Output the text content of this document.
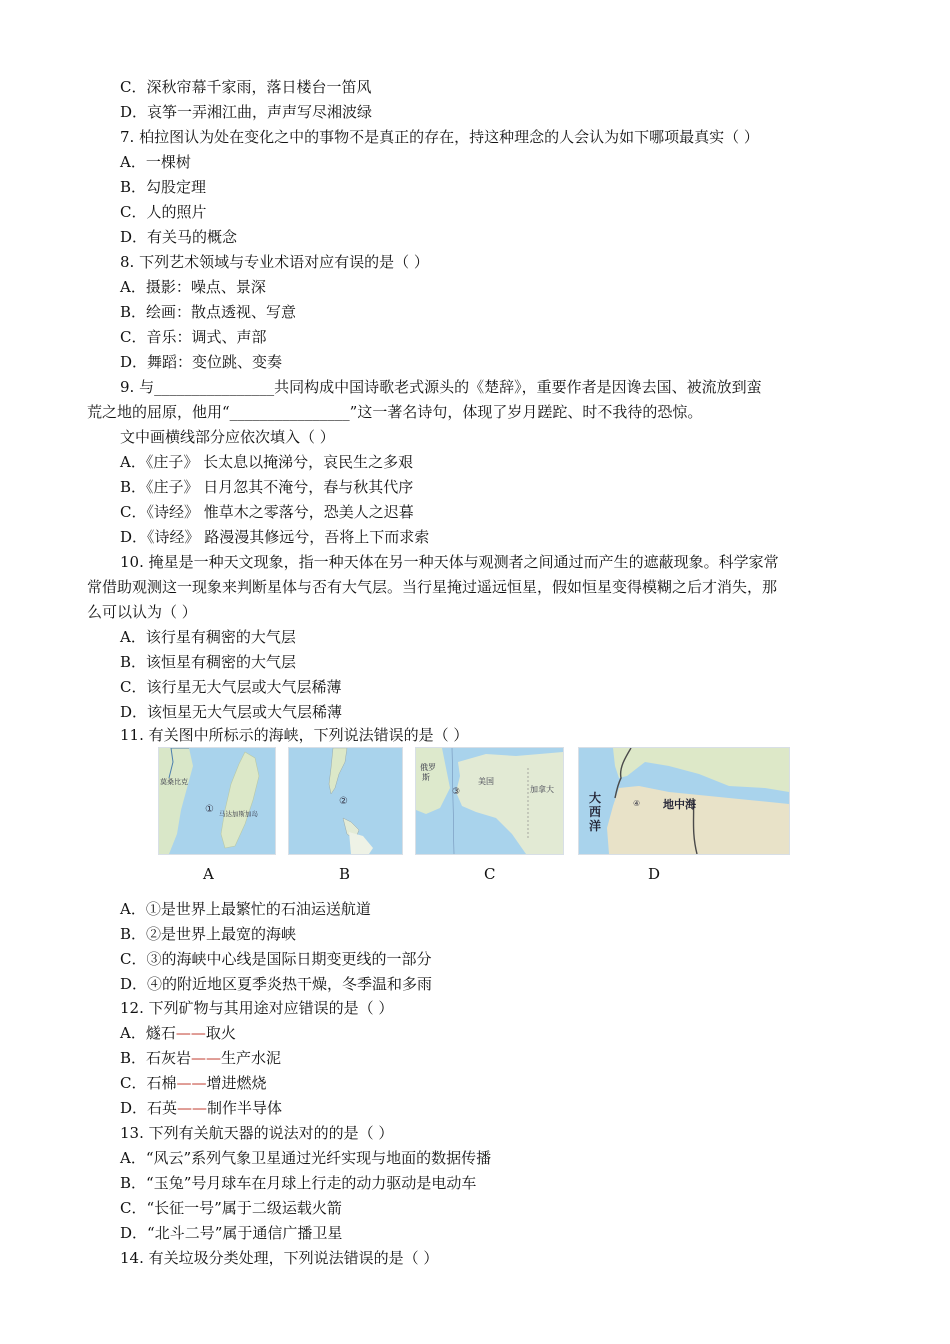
C．深秋帘幕千家雨，落日楼台一笛风
D．哀筝一弄湘江曲，声声写尽湘波绿
7. 柏拉图认为处在变化之中的事物不是真正的存在，持这种理念的人会认为如下哪项最真实（ ）
A．一棵树
B．勾股定理
C．人的照片
D．有关马的概念
8. 下列艺术领域与专业术语对应有误的是（ ）
A．摄影：噪点、景深
B．绘画：散点透视、写意
C．音乐：调式、声部
D．舞蹈：变位跳、变奏
9. 与________________共同构成中国诗歌老式源头的《楚辞》，重要作者是因谗去国、被流放到蛮
荒之地的屈原，他用“________________”这一著名诗句，体现了岁月蹉跎、时不我待的恐惊。
文中画横线部分应依次填入（ ）
A．《庄子》 长太息以掩涕兮，哀民生之多艰
B．《庄子》 日月忽其不淹兮，春与秋其代序
C．《诗经》 惟草木之零落兮，恐美人之迟暮
D．《诗经》 路漫漫其修远兮，吾将上下而求索
10. 掩星是一种天文现象，指一种天体在另一种天体与观测者之间通过而产生的遮蔽现象。科学家常
常借助观测这一现象来判断星体与否有大气层。当行星掩过遥远恒星，假如恒星变得模糊之后才消失，那
么可以认为（ ）
A．该行星有稠密的大气层
B．该恒星有稠密的大气层
C．该行星无大气层或大气层稀薄
D．该恒星无大气层或大气层稀薄
11. 有关图中所标示的海峡，下列说法错误的是（ ）
莫桑比克
① 马达加斯加岛
②
俄罗
斯
③
美国
加拿大
大
西
洋
④ 地中海
A	B	C	D
A．①是世界上最繁忙的石油运送航道
B．②是世界上最宽的海峡
C．③的海峡中心线是国际日期变更线的一部分
D．④的附近地区夏季炎热干燥，冬季温和多雨
12. 下列矿物与其用途对应错误的是（ ）
A．燧石——取火
B．石灰岩——生产水泥
C．石棉——增进燃烧
D．石英——制作半导体
13. 下列有关航天器的说法对的的是（ ）
A．“风云”系列气象卫星通过光纤实现与地面的数据传播
B．“玉兔”号月球车在月球上行走的动力驱动是电动车
C．“长征一号”属于二级运载火箭
D．“北斗二号”属于通信广播卫星
14. 有关垃圾分类处理，下列说法错误的是（ ）
